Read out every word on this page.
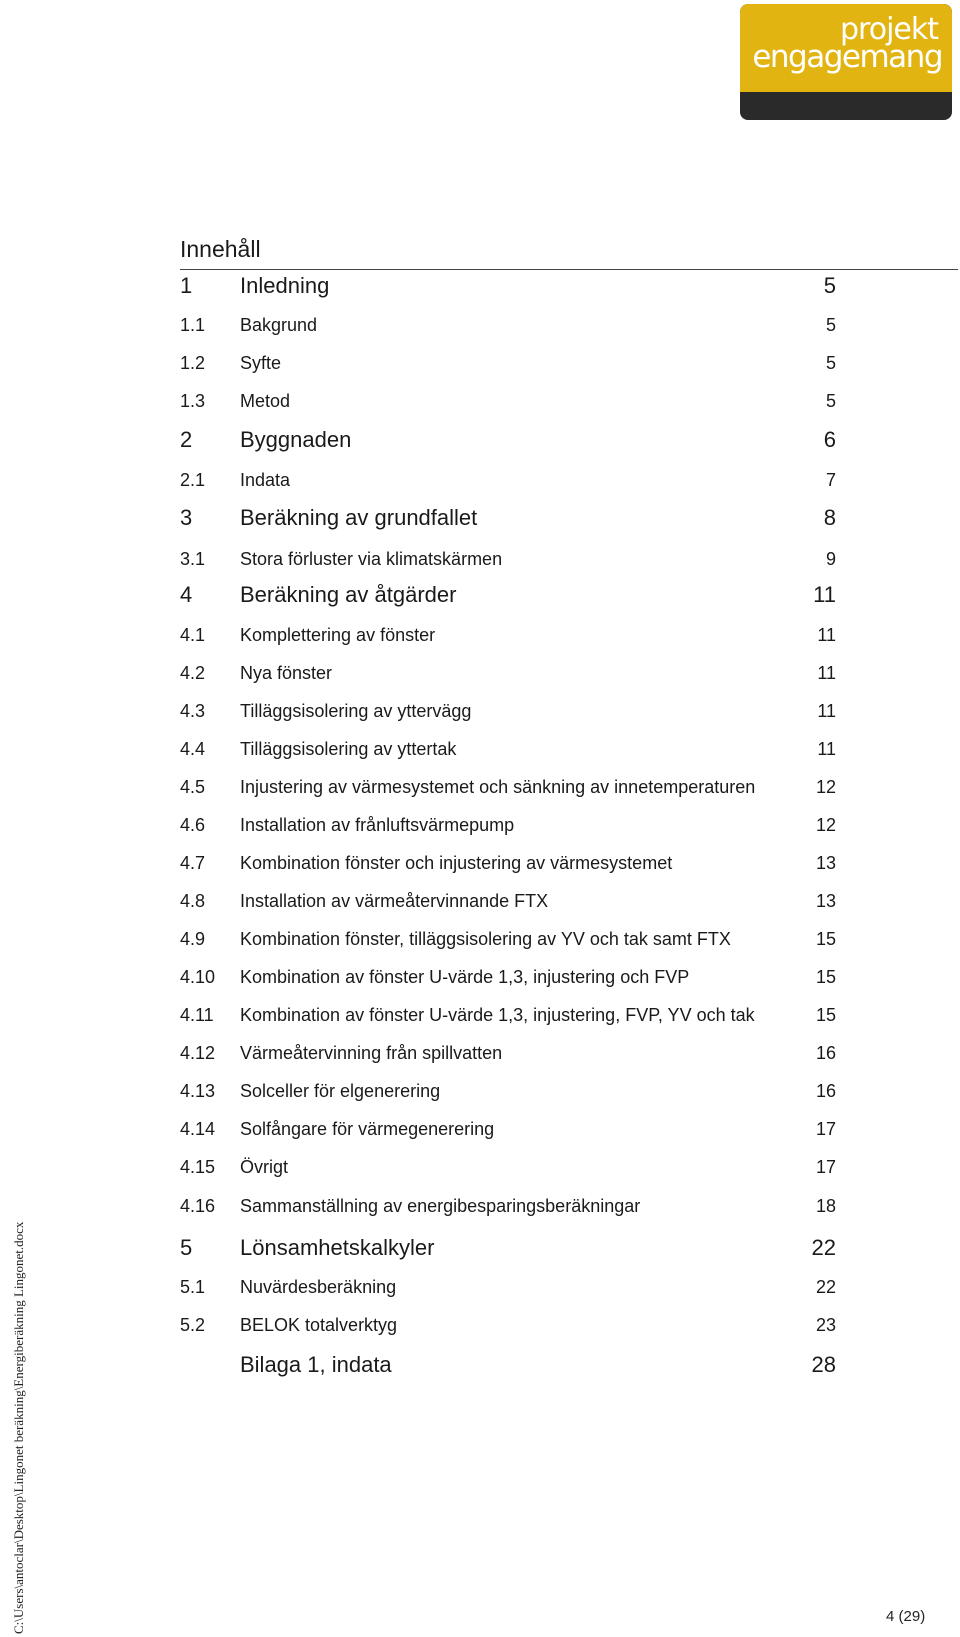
projekt
engagemang
Innehåll
1	Inledning	5
1.1	Bakgrund	5
1.2	Syfte	5
1.3	Metod	5
2	Byggnaden	6
2.1	Indata	7
3	Beräkning av grundfallet	8
3.1	Stora förluster via klimatskärmen	9
4	Beräkning av åtgärder	11
4.1	Komplettering av fönster	11
4.2	Nya fönster	11
4.3	Tilläggsisolering av yttervägg	11
4.4	Tilläggsisolering av yttertak	11
4.5	Injustering av värmesystemet och sänkning av innetemperaturen	12
4.6	Installation av frånluftsvärmepump	12
4.7	Kombination fönster och injustering av värmesystemet	13
4.8	Installation av värmeåtervinnande FTX	13
4.9	Kombination fönster, tilläggsisolering av YV och tak samt FTX	15
4.10	Kombination av fönster U-värde 1,3, injustering och FVP	15
4.11	Kombination av fönster U-värde 1,3, injustering, FVP, YV och tak	15
4.12	Värmeåtervinning från spillvatten	16
4.13	Solceller för elgenerering	16
4.14	Solfångare för värmegenerering	17
4.15	Övrigt	17
4.16	Sammanställning av energibesparingsberäkningar	18
5	Lönsamhetskalkyler	22
5.1	Nuvärdesberäkning	22
5.2	BELOK totalverktyg	23
Bilaga 1, indata	28
C:\Users\antoclar\Desktop\Lingonet beräkning\Energiberäkning Lingonet.docx	4 (29)
